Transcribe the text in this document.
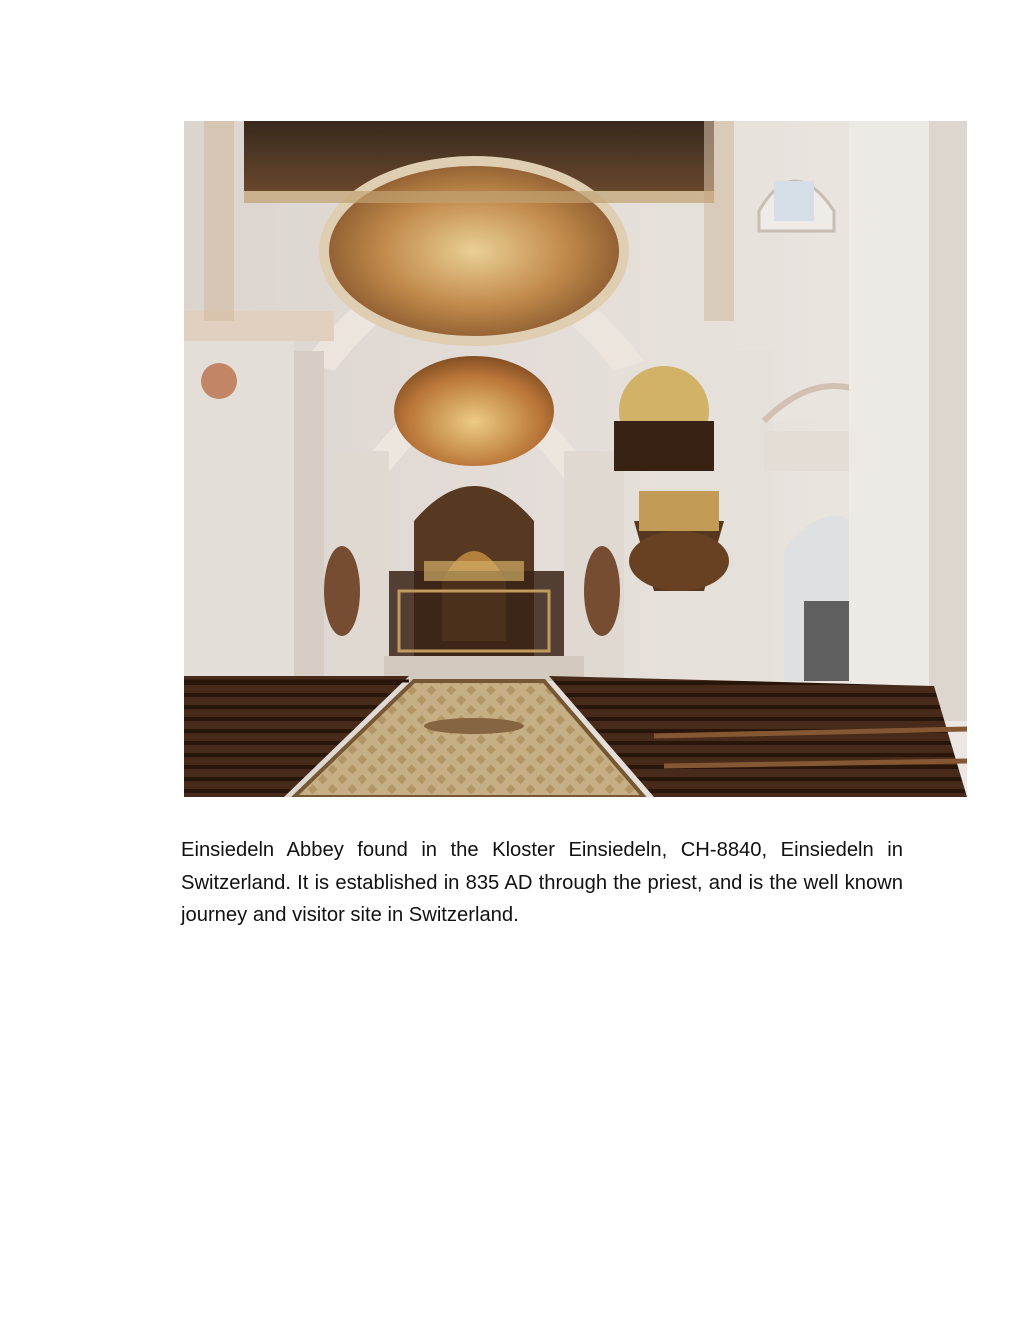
Einsiedeln Abbey found in the Kloster Einsiedeln, CH-8840, Einsiedeln in Switzerland. It is established in 835 AD through the priest, and is the well known journey and visitor site in Switzerland.
